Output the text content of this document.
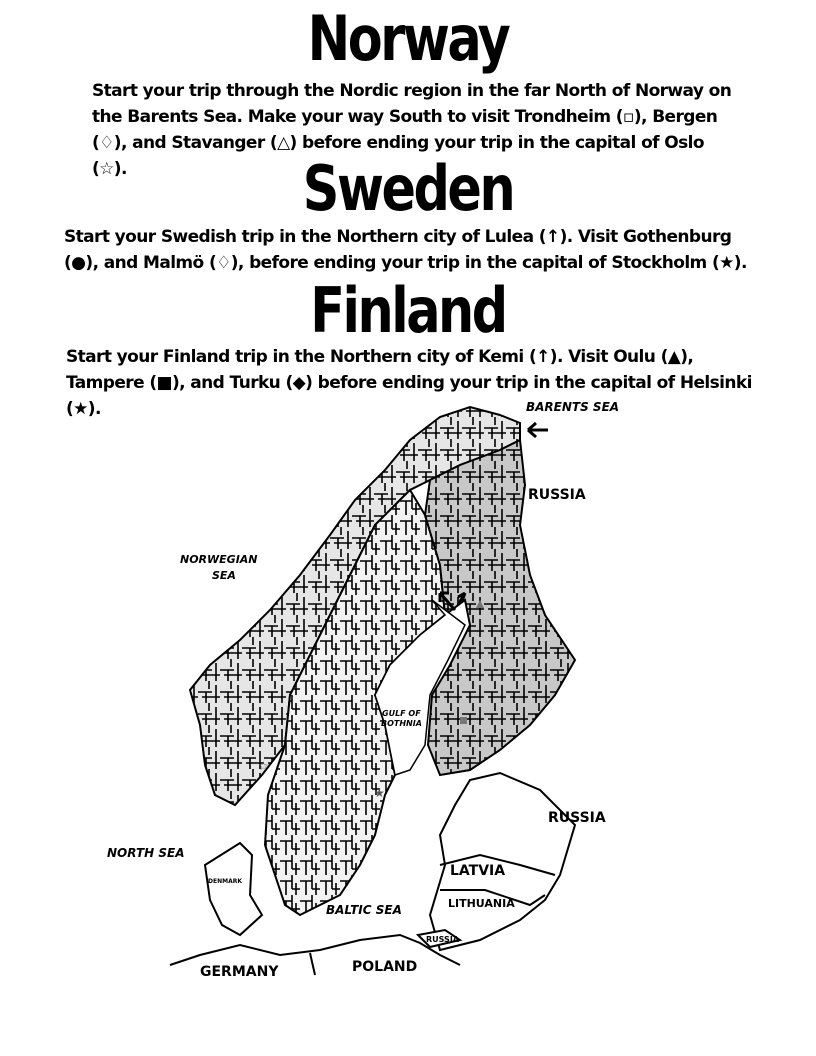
Norway

Start your trip through the Nordic region in the far North of Norway on the Barents Sea. Make your way South to visit Trondheim (▫), Bergen (♢), and Stavanger (△) before ending your trip in the capital of Oslo (☆).	Sweden

Start your Swedish trip in the Northern city of Lulea (↑). Visit Gothenburg (●), and Malmö (♢), before ending your trip in the capital of Stockholm (★).

Finland

Start your Finland trip in the Northern city of Kemi (↑). Visit Oulu (▲), Tampere (■), and Turku (◆) before ending your trip in the capital of Helsinki (★).

☆
★
BARENTS SEA
RUSSIA
NORWEGIAN
SEA
GULF OF
BOTHNIA
RUSSIA
NORTH SEA
DENMARK
LATVIA
LITHUANIA
BALTIC SEA
RUSSIA
GERMANY	POLAND
